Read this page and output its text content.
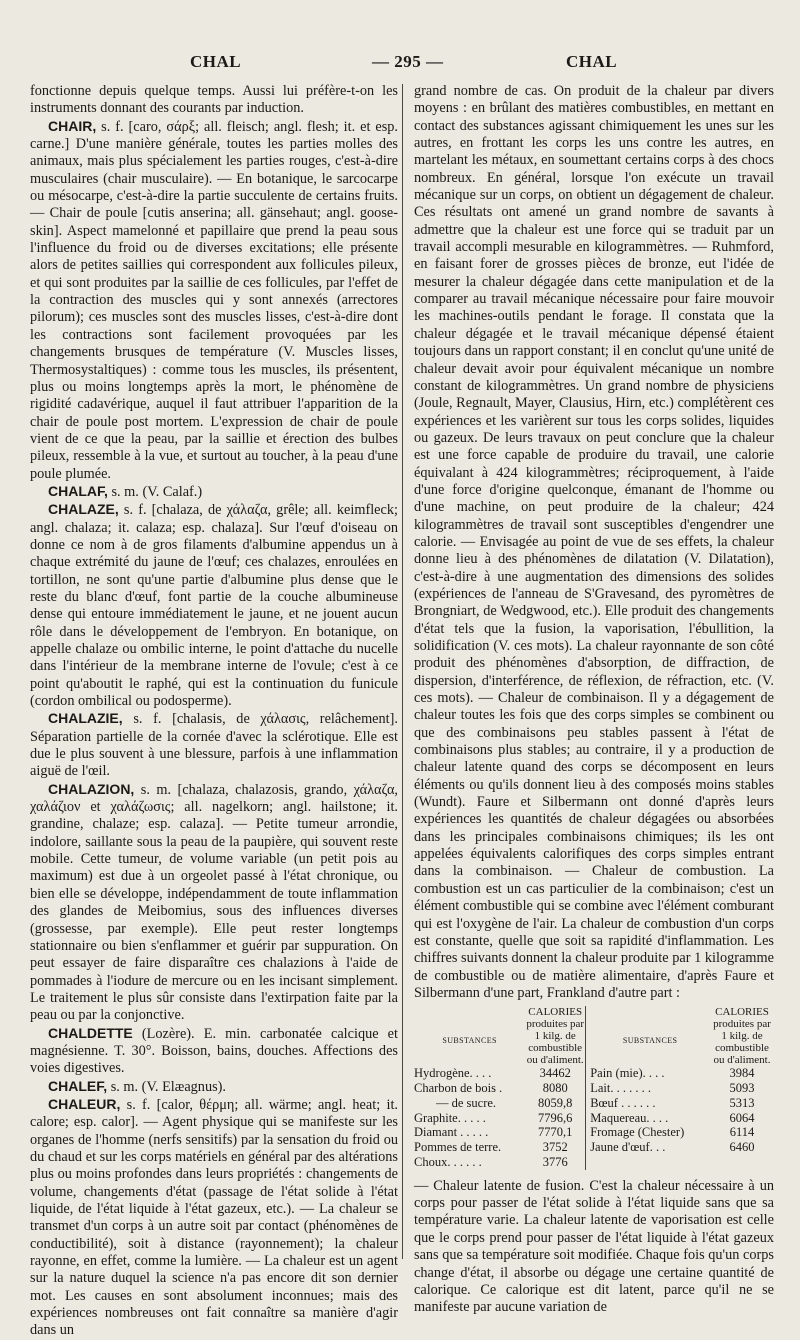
CHAL	— 295 —	CHAL

fonctionne depuis quelque temps. Aussi lui préfère-t-on les instruments donnant des courants par induction.

CHAIR, s. f. [caro, σάρξ; all. fleisch; angl. flesh; it. et esp. carne.] D'une manière générale, toutes les parties molles des animaux, mais plus spécialement les parties rouges, c'est-à-dire musculaires (chair musculaire). — En botanique, le sarcocarpe ou mésocarpe, c'est-à-dire la partie succulente de certains fruits. — Chair de poule [cutis anserina; all. gänsehaut; angl. goose-skin]. Aspect mamelonné et papillaire que prend la peau sous l'influence du froid ou de diverses excitations; elle présente alors de petites saillies qui correspondent aux follicules pileux, et qui sont produites par la saillie de ces follicules, par l'effet de la contraction des muscles qui y sont annexés (arrectores pilorum); ces muscles sont des muscles lisses, c'est-à-dire dont les contractions sont facilement provoquées par les changements brusques de température (V. Muscles lisses, Thermosystaltiques) : comme tous les muscles, ils présentent, plus ou moins longtemps après la mort, le phénomène de rigidité cadavérique, auquel il faut attribuer l'apparition de la chair de poule post mortem. L'expression de chair de poule vient de ce que la peau, par la saillie et érection des bulbes pileux, ressemble à la vue, et surtout au toucher, à la peau d'une poule plumée.

CHALAF, s. m. (V. Calaf.)

CHALAZE, s. f. [chalaza, de χάλαζα, grêle; all. keimfleck; angl. chalaza; it. calaza; esp. chalaza]. Sur l'œuf d'oiseau on donne ce nom à de gros filaments d'albumine appendus un à chaque extrémité du jaune de l'œuf; ces chalazes, enroulées en tortillon, ne sont qu'une partie d'albumine plus dense que le reste du blanc d'œuf, font partie de la couche albumineuse dense qui entoure immédiatement le jaune, et ne jouent aucun rôle dans le développement de l'embryon. En botanique, on appelle chalaze ou ombilic interne, le point d'attache du nucelle dans l'intérieur de la membrane interne de l'ovule; c'est à ce point qu'aboutit le raphé, qui est la continuation du funicule (cordon ombilical ou podosperme).

CHALAZIE, s. f. [chalasis, de χάλασις, relâchement]. Séparation partielle de la cornée d'avec la sclérotique. Elle est due le plus souvent à une blessure, parfois à une inflammation aiguë de l'œil.

CHALAZION, s. m. [chalaza, chalazosis, grando, χάλαζα, χαλάζιον et χαλάζωσις; all. nagelkorn; angl. hailstone; it. grandine, chalaze; esp. calaza]. — Petite tumeur arrondie, indolore, saillante sous la peau de la paupière, qui souvent reste mobile. Cette tumeur, de volume variable (un petit pois au maximum) est due à un orgeolet passé à l'état chronique, ou bien elle se développe, indépendamment de toute inflammation des glandes de Meibomius, sous des influences diverses (grossesse, par exemple). Elle peut rester longtemps stationnaire ou bien s'enflammer et guérir par suppuration. On peut essayer de faire disparaître ces chalazions à l'aide de pommades à l'iodure de mercure ou en les incisant simplement. Le traitement le plus sûr consiste dans l'extirpation faite par la peau ou par la conjonctive.

CHALDETTE (Lozère). E. min. carbonatée calcique et magnésienne. T. 30°. Boisson, bains, douches. Affections des voies digestives.

CHALEF, s. m. (V. Elæagnus).

CHALEUR, s. f. [calor, θέρμη; all. wärme; angl. heat; it. calore; esp. calor]. — Agent physique qui se manifeste sur les organes de l'homme (nerfs sensitifs) par la sensation du froid ou du chaud et sur les corps matériels en général par des altérations plus ou moins profondes dans leurs propriétés : changements de volume, changements d'état (passage de l'état solide à l'état liquide, de l'état liquide à l'état gazeux, etc.). — La chaleur se transmet d'un corps à un autre soit par contact (phénomènes de conductibilité), soit à distance (rayonnement); la chaleur rayonne, en effet, comme la lumière. — La chaleur est un agent sur la nature duquel la science n'a pas encore dit son dernier mot. Les causes en sont absolument inconnues; mais des expériences nombreuses ont fait connaître sa manière d'agir dans un

grand nombre de cas. On produit de la chaleur par divers moyens : en brûlant des matières combustibles, en mettant en contact des substances agissant chimiquement les unes sur les autres, en frottant les corps les uns contre les autres, en martelant les métaux, en soumettant certains corps à des chocs nombreux. En général, lorsque l'on exécute un travail mécanique sur un corps, on obtient un dégagement de chaleur. Ces résultats ont amené un grand nombre de savants à admettre que la chaleur est une force qui se traduit par un travail accompli mesurable en kilogrammètres. — Ruhmford, en faisant forer de grosses pièces de bronze, eut l'idée de mesurer la chaleur dégagée dans cette manipulation et de la comparer au travail mécanique nécessaire pour faire mouvoir les machines-outils pendant le forage. Il constata que la chaleur dégagée et le travail mécanique dépensé étaient toujours dans un rapport constant; il en conclut qu'une unité de chaleur devait avoir pour équivalent mécanique un nombre constant de kilogrammètres. Un grand nombre de physiciens (Joule, Regnault, Mayer, Clausius, Hirn, etc.) complétèrent ces expériences et les varièrent sur tous les corps solides, liquides ou gazeux. De leurs travaux on peut conclure que la chaleur est une force capable de produire du travail, une calorie équivalant à 424 kilogrammètres; réciproquement, à l'aide d'une force d'origine quelconque, émanant de l'homme ou d'une machine, on peut produire de la chaleur; 424 kilogrammètres de travail sont susceptibles d'engendrer une calorie. — Envisagée au point de vue de ses effets, la chaleur donne lieu à des phénomènes de dilatation (V. Dilatation), c'est-à-dire à une augmentation des dimensions des solides (expériences de l'anneau de S'Gravesand, des pyromètres de Brongniart, de Wedgwood, etc.). Elle produit des changements d'état tels que la fusion, la vaporisation, l'ébullition, la solidification (V. ces mots). La chaleur rayonnante de son côté produit des phénomènes d'absorption, de diffraction, de dispersion, d'interférence, de réflexion, de réfraction, etc. (V. ces mots). — Chaleur de combinaison. Il y a dégagement de chaleur toutes les fois que des corps simples se combinent ou que des combinaisons peu stables passent à l'état de combinaisons plus stables; au contraire, il y a production de chaleur latente quand des corps se décomposent en leurs éléments ou qu'ils donnent lieu à des composés moins stables (Wundt). Faure et Silbermann ont donné d'après leurs expériences les quantités de chaleur dégagées ou absorbées dans les principales combinaisons chimiques; ils les ont appelées équivalents calorifiques des corps simples entrant dans la combinaison. — Chaleur de combustion. La combustion est un cas particulier de la combinaison; c'est un élément combustible qui se combine avec l'élément comburant qui est l'oxygène de l'air. La chaleur de combustion d'un corps est constante, quelle que soit sa rapidité d'inflammation. Les chiffres suivants donnent la chaleur produite par 1 kilogramme de combustible ou de matière alimentaire, d'après Faure et Silbermann d'une part, Frankland d'autre part :

SUBSTANCES	CALORIES produites par 1 kilg. de combustible ou d'aliment.	SUBSTANCES	CALORIES produites par 1 kilg. de combustible ou d'aliment.
Hydrogène. . . .	34462	Pain (mie). . . .	3984
Charbon de bois .	8080	Lait. . . . . . .	5093
— de sucre.	8059,8	Bœuf . . . . . .	5313
Graphite. . . . .	7796,6	Maquereau. . . .	6064
Diamant . . . . .	7770,1	Fromage (Chester)	6114
Pommes de terre.	3752	Jaune d'œuf. . .	6460
Choux. . . . . .	3776		

— Chaleur latente de fusion. C'est la chaleur nécessaire à un corps pour passer de l'état solide à l'état liquide sans que sa température varie. La chaleur latente de vaporisation est celle que le corps prend pour passer de l'état liquide à l'état gazeux sans que sa température soit modifiée. Chaque fois qu'un corps change d'état, il absorbe ou dégage une certaine quantité de calorique. Ce calorique est dit latent, parce qu'il ne se manifeste par aucune variation de
